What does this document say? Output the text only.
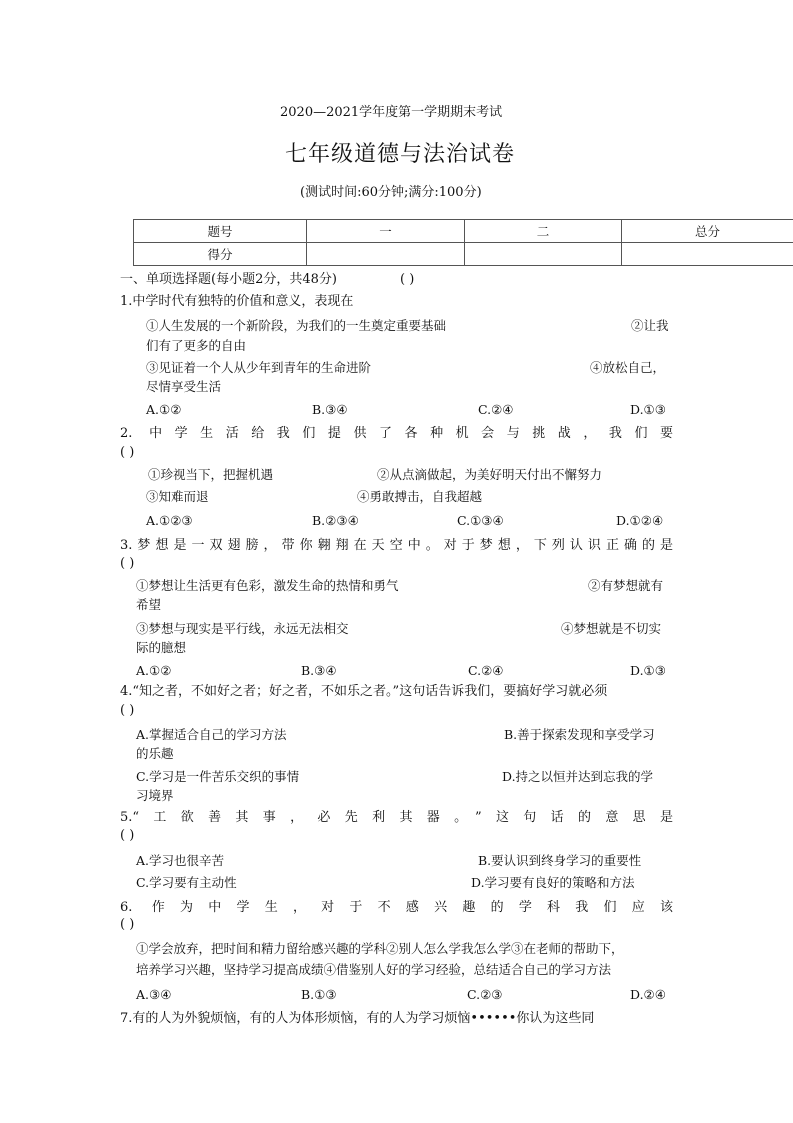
2020—2021学年度第一学期期末考试
七年级道德与法治试卷
(测试时间:60分钟;满分:100分)
题号	一	二	总分
得分			
一、单项选择题(每小题2分，共48分)	( )
1.中学时代有独特的价值和意义，表现在
①人生发展的一个新阶段，为我们的一生奠定重要基础	②让我
们有了更多的自由
③见证着一个人从少年到青年的生命进阶	④放松自己，
尽情享受生活
A.①②	B.③④	C.②④	D.①③
2. 中学生活给我们提供了各种机会与挑战，我们要
( )
①珍视当下，把握机遇	②从点滴做起，为美好明天付出不懈努力
③知难而退	④勇敢搏击，自我超越
A.①②③	B.②③④	C.①③④	D.①②④
3.梦想是一双翅膀，带你翱翔在天空中。对于梦想，下列认识正确的是
( )
①梦想让生活更有色彩，激发生命的热情和勇气	②有梦想就有
希望
③梦想与现实是平行线，永远无法相交	④梦想就是不切实
际的臆想
A.①②	B.③④	C.②④	D.①③
4.“知之者，不如好之者；好之者，不如乐之者。”这句话告诉我们，要搞好学习就必须
( )
A.掌握适合自己的学习方法	B.善于探索发现和享受学习
的乐趣
C.学习是一件苦乐交织的事情	D.持之以恒并达到忘我的学
习境界
5.“工欲善其事，必先利其器。”这句话的意思是
( )
A.学习也很辛苦	B.要认识到终身学习的重要性
C.学习要有主动性	D.学习要有良好的策略和方法
6. 作为中学生，对于不感兴趣的学科我们应该
( )
①学会放弃，把时间和精力留给感兴趣的学科②别人怎么学我怎么学③在老师的帮助下，
培养学习兴趣，坚持学习提高成绩④借鉴别人好的学习经验，总结适合自己的学习方法
A.③④	B.①③	C.②③	D.②④
7.有的人为外貌烦恼，有的人为体形烦恼，有的人为学习烦恼••••••你认为这些同
